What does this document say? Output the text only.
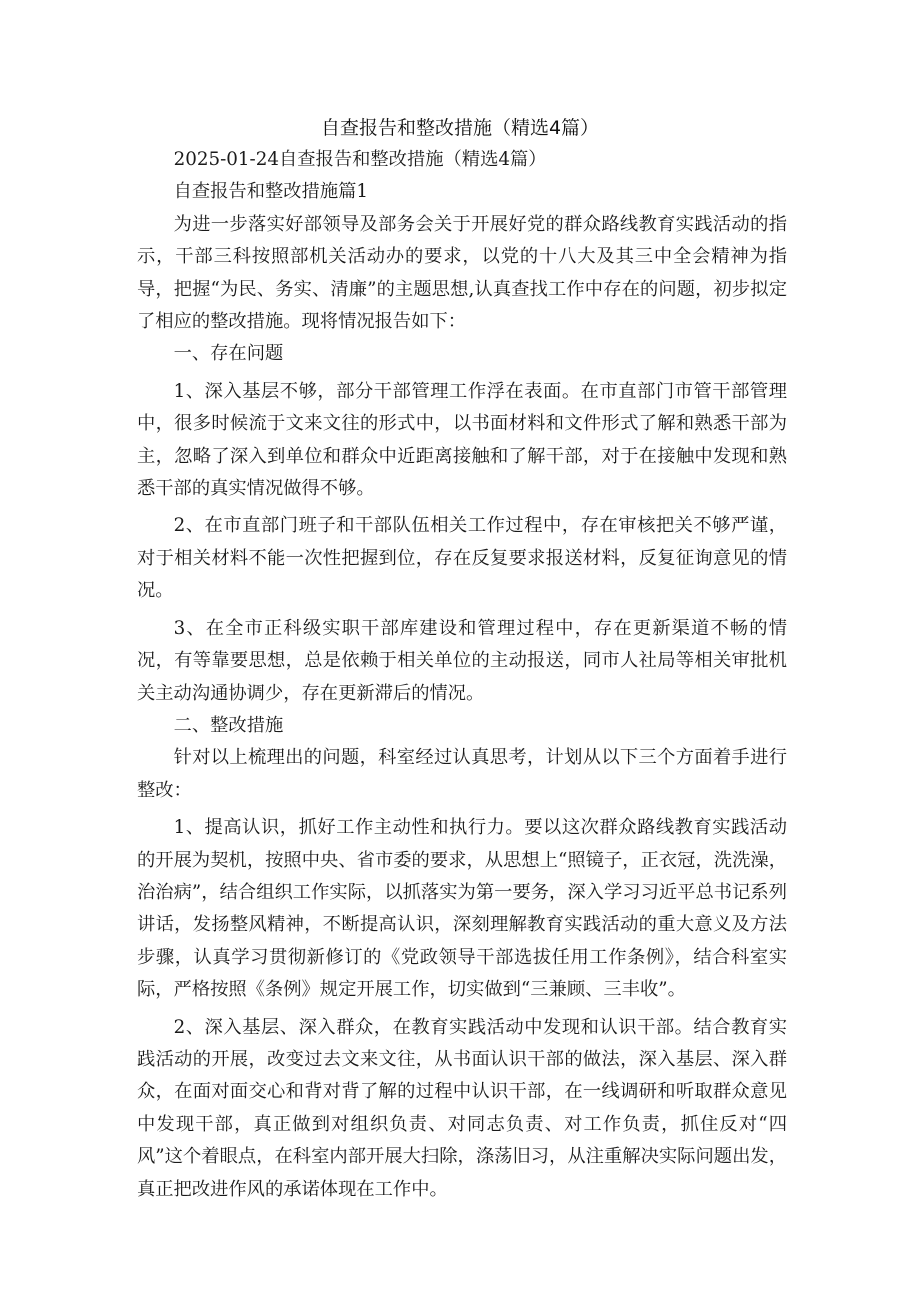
自查报告和整改措施（精选4篇）

2025-01-24自查报告和整改措施（精选4篇）

自查报告和整改措施篇1

为进一步落实好部领导及部务会关于开展好党的群众路线教育实践活动的指示，干部三科按照部机关活动办的要求，以党的十八大及其三中全会精神为指导，把握“为民、务实、清廉”的主题思想,认真查找工作中存在的问题，初步拟定了相应的整改措施。现将情况报告如下：

一、存在问题

1、深入基层不够，部分干部管理工作浮在表面。在市直部门市管干部管理中，很多时候流于文来文往的形式中，以书面材料和文件形式了解和熟悉干部为主，忽略了深入到单位和群众中近距离接触和了解干部，对于在接触中发现和熟悉干部的真实情况做得不够。

2、在市直部门班子和干部队伍相关工作过程中，存在审核把关不够严谨，对于相关材料不能一次性把握到位，存在反复要求报送材料，反复征询意见的情况。

3、在全市正科级实职干部库建设和管理过程中，存在更新渠道不畅的情况，有等靠要思想，总是依赖于相关单位的主动报送，同市人社局等相关审批机关主动沟通协调少，存在更新滞后的情况。

二、整改措施

针对以上梳理出的问题，科室经过认真思考，计划从以下三个方面着手进行整改：

1、提高认识，抓好工作主动性和执行力。要以这次群众路线教育实践活动的开展为契机，按照中央、省市委的要求，从思想上“照镜子，正衣冠，洗洗澡，治治病”，结合组织工作实际，以抓落实为第一要务，深入学习习近平总书记系列讲话，发扬整风精神，不断提高认识，深刻理解教育实践活动的重大意义及方法步骤，认真学习贯彻新修订的《党政领导干部选拔任用工作条例》，结合科室实际，严格按照《条例》规定开展工作，切实做到“三兼顾、三丰收”。

2、深入基层、深入群众，在教育实践活动中发现和认识干部。结合教育实践活动的开展，改变过去文来文往，从书面认识干部的做法，深入基层、深入群众，在面对面交心和背对背了解的过程中认识干部，在一线调研和听取群众意见中发现干部，真正做到对组织负责、对同志负责、对工作负责，抓住反对“四风”这个着眼点，在科室内部开展大扫除，涤荡旧习，从注重解决实际问题出发，真正把改进作风的承诺体现在工作中。
